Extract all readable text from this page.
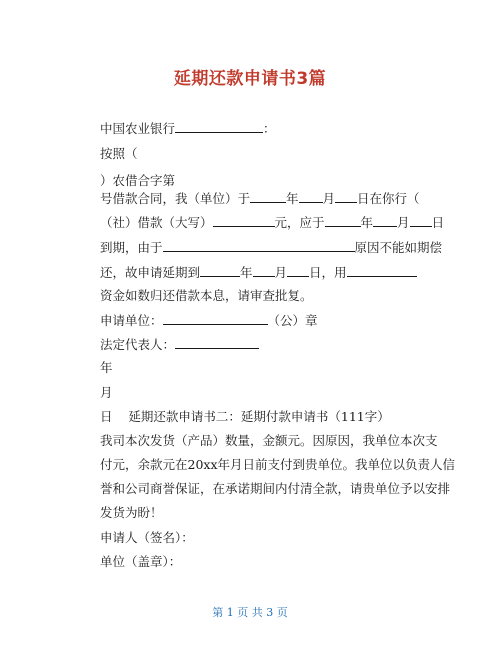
延期还款申请书3篇
中国农业银行	：
按照（
）农借合字第
号借款合同，我（单位）于	年 月 日在你行（
（社）借款（大写）	元，应于	年 月 日
到期，由于	原因不能如期偿
还，故申请延期到	年 月 日，用
资金如数归还借款本息，请审查批复。
申请单位：	（公）章
法定代表人：
年
月
日    延期还款申请书二：延期付款申请书（111字）
我司本次发货（产品）数量，金额元。因原因，我单位本次支
付元，余款元在20xx年月日前支付到贵单位。我单位以负责人信
誉和公司商誉保证，在承诺期间内付清全款，请贵单位予以安排
发货为盼！
申请人（签名）：
单位（盖章）：
第 1 页 共 3 页
